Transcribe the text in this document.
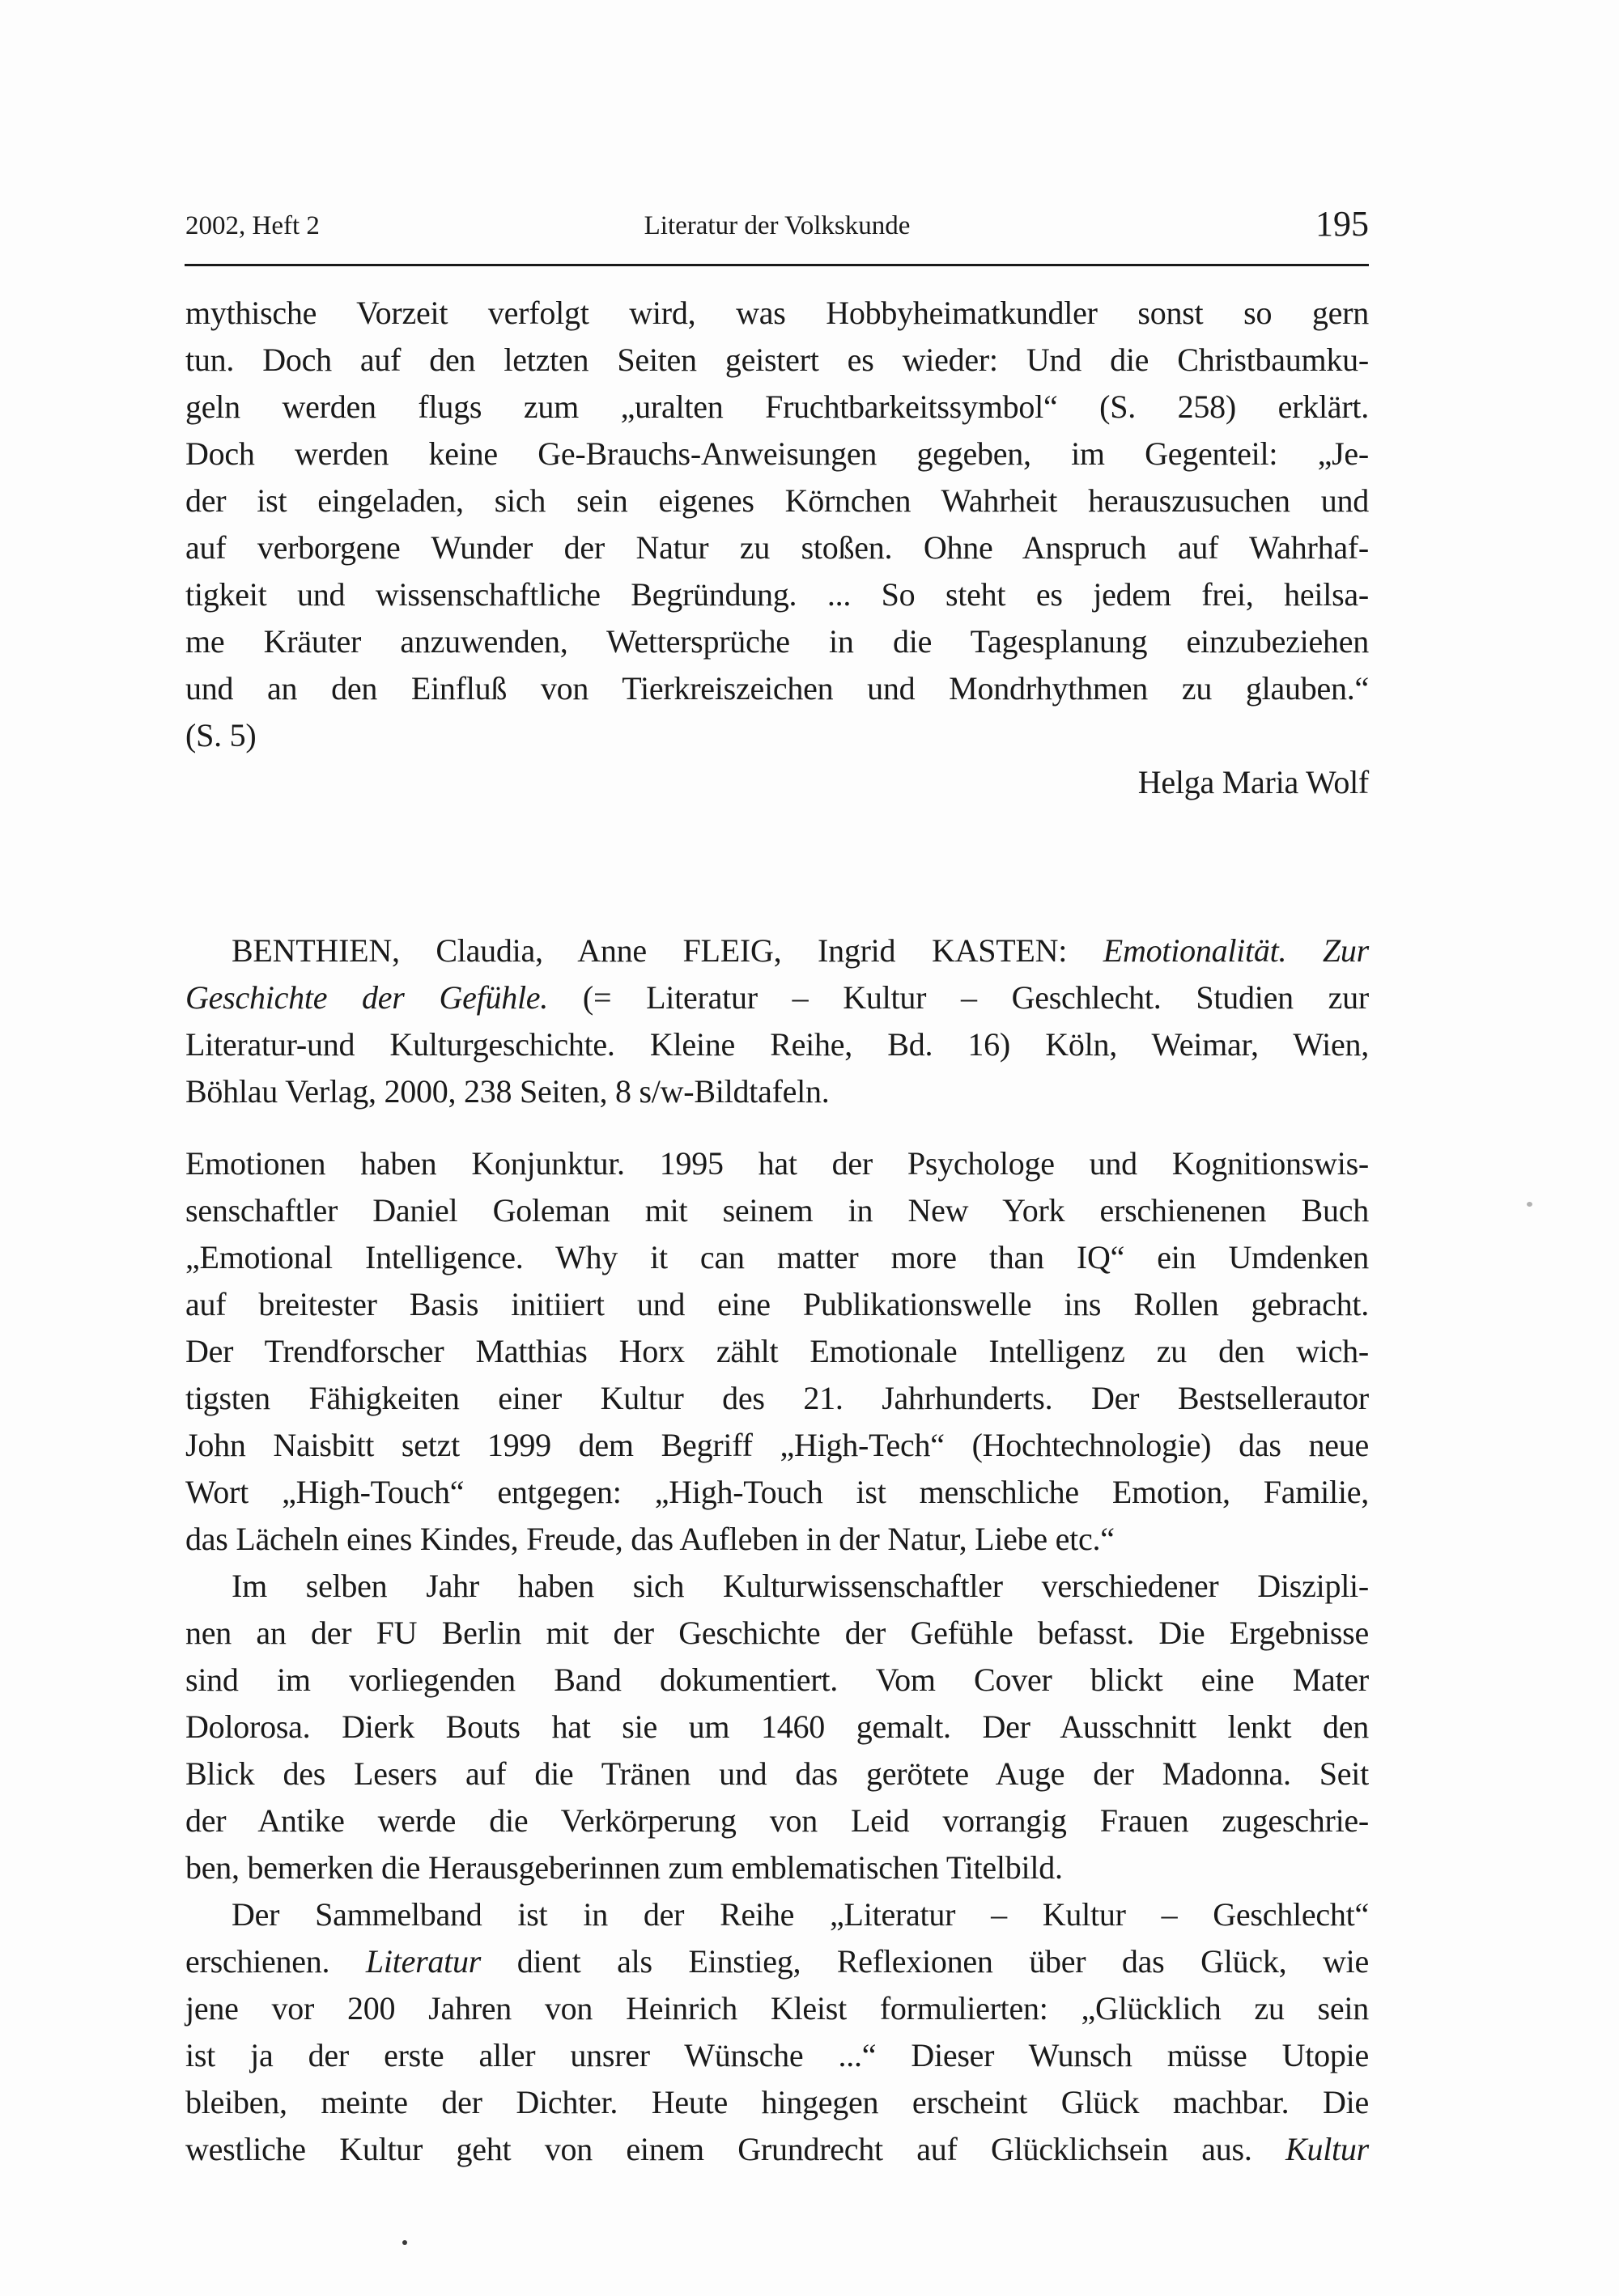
2002, Heft 2	Literatur der Volkskunde	195
mythische Vorzeit verfolgt wird, was Hobbyheimatkundler sonst so gern
tun. Doch auf den letzten Seiten geistert es wieder: Und die Christbaumku-
geln werden flugs zum „uralten Fruchtbarkeitssymbol“ (S. 258) erklärt.
Doch werden keine Ge-Brauchs-Anweisungen gegeben, im Gegenteil: „Je-
der ist eingeladen, sich sein eigenes Körnchen Wahrheit herauszusuchen und
auf verborgene Wunder der Natur zu stoßen. Ohne Anspruch auf Wahrhaf-
tigkeit und wissenschaftliche Begründung. ... So steht es jedem frei, heilsa-
me Kräuter anzuwenden, Wettersprüche in die Tagesplanung einzubeziehen
und an den Einfluß von Tierkreiszeichen und Mondrhythmen zu glauben.“
(S. 5)
Helga Maria Wolf
BENTHIEN, Claudia, Anne FLEIG, Ingrid KASTEN: Emotionalität. Zur
Geschichte der Gefühle. (= Literatur – Kultur – Geschlecht. Studien zur
Literatur-und Kulturgeschichte. Kleine Reihe, Bd. 16) Köln, Weimar, Wien,
Böhlau Verlag, 2000, 238 Seiten, 8 s/w-Bildtafeln.
Emotionen haben Konjunktur. 1995 hat der Psychologe und Kognitionswis-
senschaftler Daniel Goleman mit seinem in New York erschienenen Buch
„Emotional Intelligence. Why it can matter more than IQ“ ein Umdenken
auf breitester Basis initiiert und eine Publikationswelle ins Rollen gebracht.
Der Trendforscher Matthias Horx zählt Emotionale Intelligenz zu den wich-
tigsten Fähigkeiten einer Kultur des 21. Jahrhunderts. Der Bestsellerautor
John Naisbitt setzt 1999 dem Begriff „High-Tech“ (Hochtechnologie) das neue
Wort „High-Touch“ entgegen: „High-Touch ist menschliche Emotion, Familie,
das Lächeln eines Kindes, Freude, das Aufleben in der Natur, Liebe etc.“
Im selben Jahr haben sich Kulturwissenschaftler verschiedener Diszipli-
nen an der FU Berlin mit der Geschichte der Gefühle befasst. Die Ergebnisse
sind im vorliegenden Band dokumentiert. Vom Cover blickt eine Mater
Dolorosa. Dierk Bouts hat sie um 1460 gemalt. Der Ausschnitt lenkt den
Blick des Lesers auf die Tränen und das gerötete Auge der Madonna. Seit
der Antike werde die Verkörperung von Leid vorrangig Frauen zugeschrie-
ben, bemerken die Herausgeberinnen zum emblematischen Titelbild.
Der Sammelband ist in der Reihe „Literatur – Kultur – Geschlecht“
erschienen. Literatur dient als Einstieg, Reflexionen über das Glück, wie
jene vor 200 Jahren von Heinrich Kleist formulierten: „Glücklich zu sein
ist ja der erste aller unsrer Wünsche ...“ Dieser Wunsch müsse Utopie
bleiben, meinte der Dichter. Heute hingegen erscheint Glück machbar. Die
westliche Kultur geht von einem Grundrecht auf Glücklichsein aus. Kultur
